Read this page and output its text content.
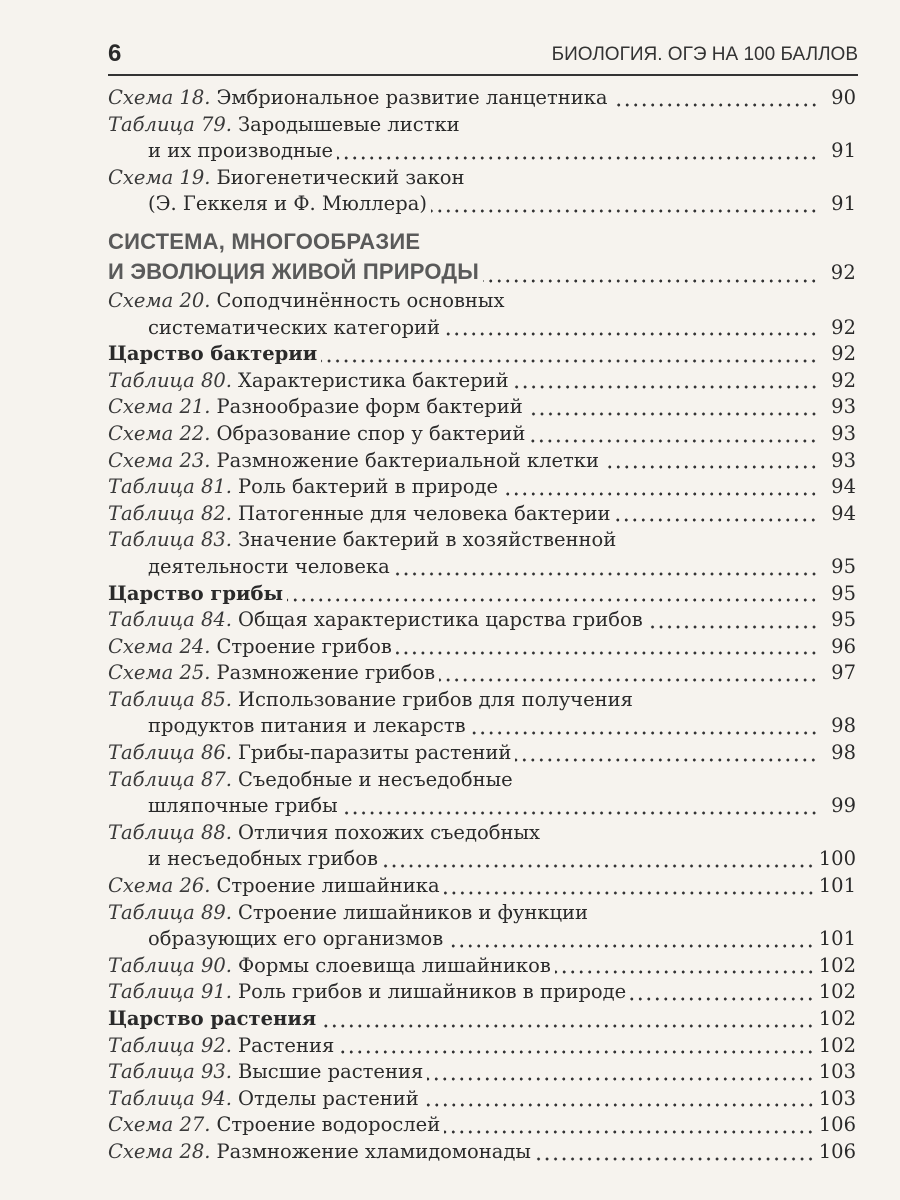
6	БИОЛОГИЯ. ОГЭ НА 100 БАЛЛОВ
Схема 18. Эмбриональное развитие ланцетника	90
Таблица 79. Зародышевые листки
и их производные	91
Схема 19. Биогенетический закон
(Э. Геккеля и Ф. Мюллера)	91
СИСТЕМА, МНОГООБРАЗИЕ
И ЭВОЛЮЦИЯ ЖИВОЙ ПРИРОДЫ	92
Схема 20. Соподчинённость основных
систематических категорий	92
Царство бактерии	92
Таблица 80. Характеристика бактерий	92
Схема 21. Разнообразие форм бактерий	93
Схема 22. Образование спор у бактерий	93
Схема 23. Размножение бактериальной клетки	93
Таблица 81. Роль бактерий в природе	94
Таблица 82. Патогенные для человека бактерии	94
Таблица 83. Значение бактерий в хозяйственной
деятельности человека	95
Царство грибы	95
Таблица 84. Общая характеристика царства грибов	95
Схема 24. Строение грибов	96
Схема 25. Размножение грибов	97
Таблица 85. Использование грибов для получения
продуктов питания и лекарств	98
Таблица 86. Грибы-паразиты растений	98
Таблица 87. Съедобные и несъедобные
шляпочные грибы	99
Таблица 88. Отличия похожих съедобных
и несъедобных грибов	100
Схема 26. Строение лишайника	101
Таблица 89. Строение лишайников и функции
образующих его организмов	101
Таблица 90. Формы слоевища лишайников	102
Таблица 91. Роль грибов и лишайников в природе	102
Царство растения	102
Таблица 92. Растения	102
Таблица 93. Высшие растения	103
Таблица 94. Отделы растений	103
Схема 27. Строение водорослей	106
Схема 28. Размножение хламидомонады	106
